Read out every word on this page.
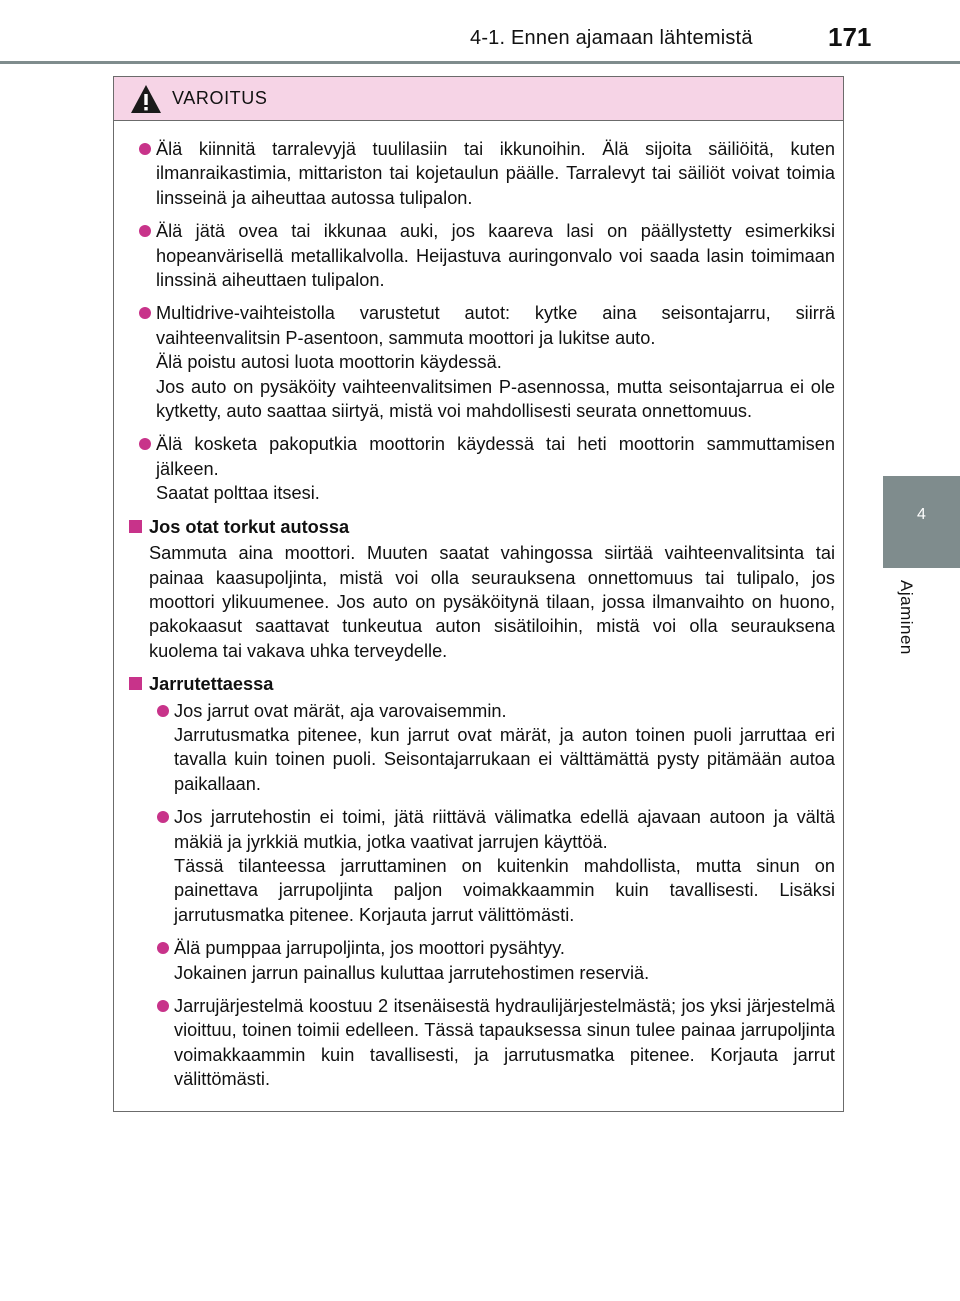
4-1. Ennen ajamaan lähtemistä	171
4
Ajaminen
VAROITUS

Älä kiinnitä tarralevyjä tuulilasiin tai ikkunoihin. Älä sijoita säiliöitä, kuten ilmanraikastimia, mittariston tai kojetaulun päälle. Tarralevyt tai säiliöt voivat toimia linsseinä ja aiheuttaa autossa tulipalon.

Älä jätä ovea tai ikkunaa auki, jos kaareva lasi on päällystetty esimerkiksi hopeanvärisellä metallikalvolla. Heijastuva auringonvalo voi saada lasin toimimaan linssinä aiheuttaen tulipalon.

Multidrive-vaihteistolla varustetut autot: kytke aina seisontajarru, siirrä vaihteenvalitsin P-asentoon, sammuta moottori ja lukitse auto.

Älä poistu autosi luota moottorin käydessä.

Jos auto on pysäköity vaihteenvalitsimen P-asennossa, mutta seisontajarrua ei ole kytketty, auto saattaa siirtyä, mistä voi mahdollisesti seurata onnettomuus.

Älä kosketa pakoputkia moottorin käydessä tai heti moottorin sammuttamisen jälkeen.

Saatat polttaa itsesi.

Jos otat torkut autossa

Sammuta aina moottori. Muuten saatat vahingossa siirtää vaihteenvalitsinta tai painaa kaasupoljinta, mistä voi olla seurauksena onnettomuus tai tulipalo, jos moottori ylikuumenee. Jos auto on pysäköitynä tilaan, jossa ilmanvaihto on huono, pakokaasut saattavat tunkeutua auton sisätiloihin, mistä voi olla seurauksena kuolema tai vakava uhka terveydelle.

Jarrutettaessa

Jos jarrut ovat märät, aja varovaisemmin.

Jarrutusmatka pitenee, kun jarrut ovat märät, ja auton toinen puoli jarruttaa eri tavalla kuin toinen puoli. Seisontajarrukaan ei välttämättä pysty pitämään autoa paikallaan.

Jos jarrutehostin ei toimi, jätä riittävä välimatka edellä ajavaan autoon ja vältä mäkiä ja jyrkkiä mutkia, jotka vaativat jarrujen käyttöä.

Tässä tilanteessa jarruttaminen on kuitenkin mahdollista, mutta sinun on painettava jarrupoljinta paljon voimakkaammin kuin tavallisesti. Lisäksi jarrutusmatka pitenee. Korjauta jarrut välittömästi.

Älä pumppaa jarrupoljinta, jos moottori pysähtyy.

Jokainen jarrun painallus kuluttaa jarrutehostimen reserviä.

Jarrujärjestelmä koostuu 2 itsenäisestä hydraulijärjestelmästä; jos yksi järjestelmä vioittuu, toinen toimii edelleen. Tässä tapauksessa sinun tulee painaa jarrupoljinta voimakkaammin kuin tavallisesti, ja jarrutusmatka pitenee. Korjauta jarrut välittömästi.
